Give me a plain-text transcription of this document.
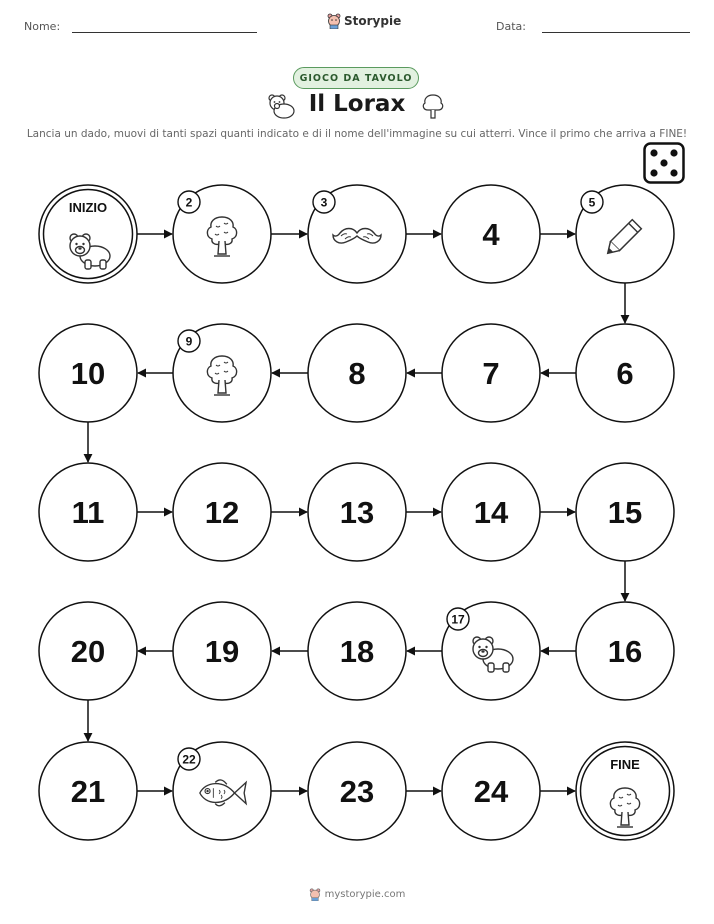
Nome:	Storypie	Data:
GIOCO DA TAVOLO
Il Lorax
Lancia un dado, muovi di tanti spazi quanti indicato e di il nome dell'immagine su cui atterri. Vince il primo che arriva a FINE!
INIZIO	2	3
4
5
6
7
8
9
10
11	12	13	14	15
16
17
18
19
20
21
22
23	24
FINE
mystorypie.com
